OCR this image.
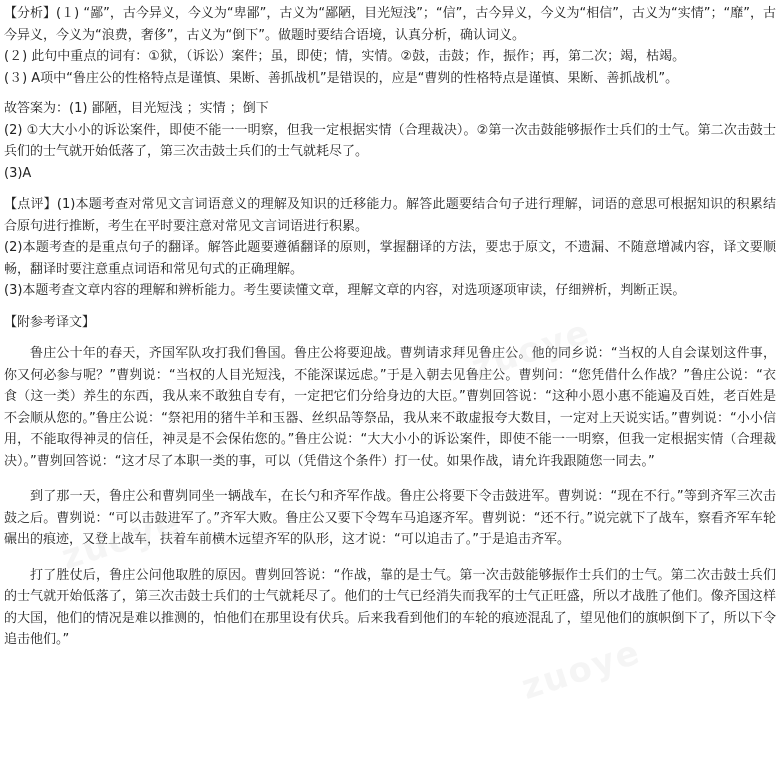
【分析】(１) “鄙”，古今异义，今义为“卑鄙”，古义为“鄙陋，目光短浅”；“信”，古今异义，今义为“相信”，古义为“实情”；“靡”，古今异义，今义为“浪费，奢侈”，古义为“倒下”。做题时要结合语境，认真分析，确认词义。

(２) 此句中重点的词有：①狱，（诉讼）案件；虽，即使；情，实情。②鼓，击鼓；作，振作；再，第二次；竭，枯竭。

(３) A项中“鲁庄公的性格特点是谨慎、果断、善抓战机”是错误的，应是“曹刿的性格特点是谨慎、果断、善抓战机”。

故答案为：(1) 鄙陋，目光短浅 ；实情 ；倒下

(2) ①大大小小的诉讼案件，即使不能一一明察，但我一定根据实情（合理裁决）。②第一次击鼓能够振作士兵们的士气。第二次击鼓士兵们的士气就开始低落了，第三次击鼓士兵们的士气就耗尽了。

(3)A

【点评】(1)本题考查对常见文言词语意义的理解及知识的迁移能力。解答此题要结合句子进行理解，词语的意思可根据知识的积累结合原句进行推断，考生在平时要注意对常见文言词语进行积累。

(2)本题考查的是重点句子的翻译。解答此题要遵循翻译的原则，掌握翻译的方法，要忠于原文，不遗漏、不随意增减内容，译文要顺畅，翻译时要注意重点词语和常见句式的正确理解。

(3)本题考查文章内容的理解和辨析能力。考生要读懂文章，理解文章的内容，对选项逐项审读，仔细辨析，判断正误。

【附参考译文】

鲁庄公十年的春天，齐国军队攻打我们鲁国。鲁庄公将要迎战。曹刿请求拜见鲁庄公。他的同乡说：“当权的人自会谋划这件事，你又何必参与呢？”曹刿说：“当权的人目光短浅，不能深谋远虑。”于是入朝去见鲁庄公。曹刿问：“您凭借什么作战？”鲁庄公说：“衣食（这一类）养生的东西，我从来不敢独自专有，一定把它们分给身边的大臣。”曹刿回答说：“这种小恩小惠不能遍及百姓，老百姓是不会顺从您的。”鲁庄公说：“祭祀用的猪牛羊和玉器、丝织品等祭品，我从来不敢虚报夸大数目，一定对上天说实话。”曹刿说：“小小信用，不能取得神灵的信任，神灵是不会保佑您的。”鲁庄公说：“大大小小的诉讼案件，即使不能一一明察，但我一定根据实情（合理裁决）。”曹刿回答说：“这才尽了本职一类的事，可以（凭借这个条件）打一仗。如果作战，请允许我跟随您一同去。”

到了那一天，鲁庄公和曹刿同坐一辆战车，在长勺和齐军作战。鲁庄公将要下令击鼓进军。曹刿说：“现在不行。”等到齐军三次击鼓之后。曹刿说：“可以击鼓进军了。”齐军大败。鲁庄公又要下令驾车马追逐齐军。曹刿说：“还不行。”说完就下了战车，察看齐军车轮碾出的痕迹，又登上战车，扶着车前横木远望齐军的队形，这才说：“可以追击了。”于是追击齐军。

打了胜仗后，鲁庄公问他取胜的原因。曹刿回答说：“作战，靠的是士气。第一次击鼓能够振作士兵们的士气。第二次击鼓士兵们的士气就开始低落了，第三次击鼓士兵们的士气就耗尽了。他们的士气已经消失而我军的士气正旺盛，所以才战胜了他们。像齐国这样的大国，他们的情况是难以推测的，怕他们在那里设有伏兵。后来我看到他们的车轮的痕迹混乱了，望见他们的旗帜倒下了，所以下令追击他们。”

zuoye
zuoye
zuoye
